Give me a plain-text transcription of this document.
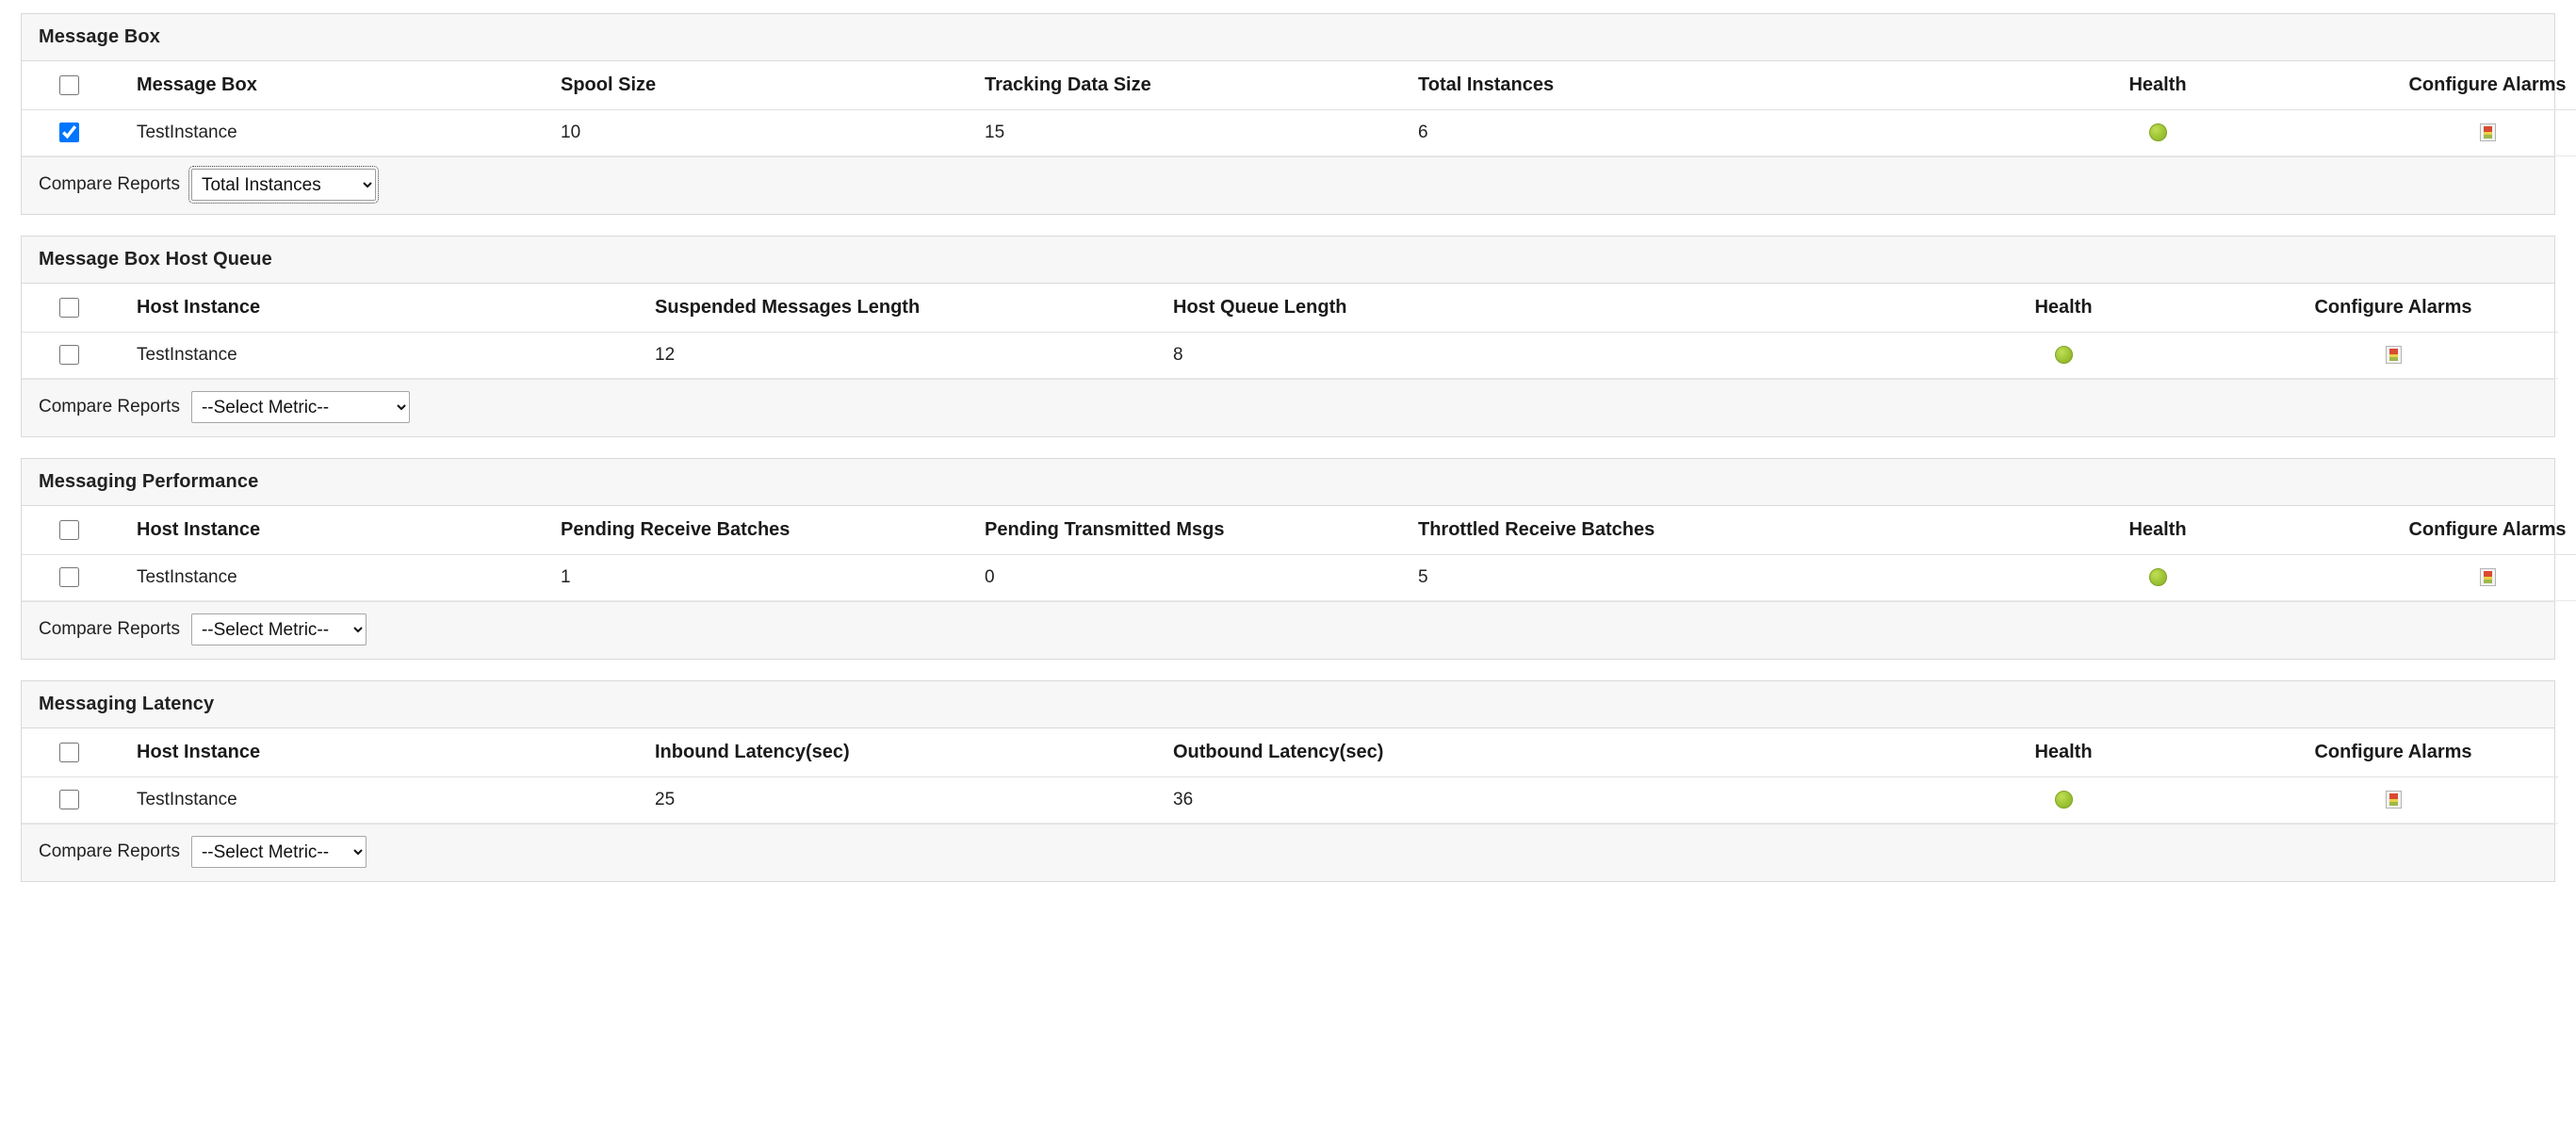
Message Box
	Message Box	Spool Size	Tracking Data Size	Total Instances	Health	Configure Alarms
	TestInstance	10	15	6		
Compare Reports
Total Instances
Message Box Host Queue
	Host Instance	Suspended Messages Length	Host Queue Length	Health	Configure Alarms
	TestInstance	12	8		
Compare Reports
--Select Metric--
Messaging Performance
	Host Instance	Pending Receive Batches	Pending Transmitted Msgs	Throttled Receive Batches	Health	Configure Alarms
	TestInstance	1	0	5		
Compare Reports
--Select Metric--
Messaging Latency
	Host Instance	Inbound Latency(sec)	Outbound Latency(sec)	Health	Configure Alarms
	TestInstance	25	36		
Compare Reports
--Select Metric--
